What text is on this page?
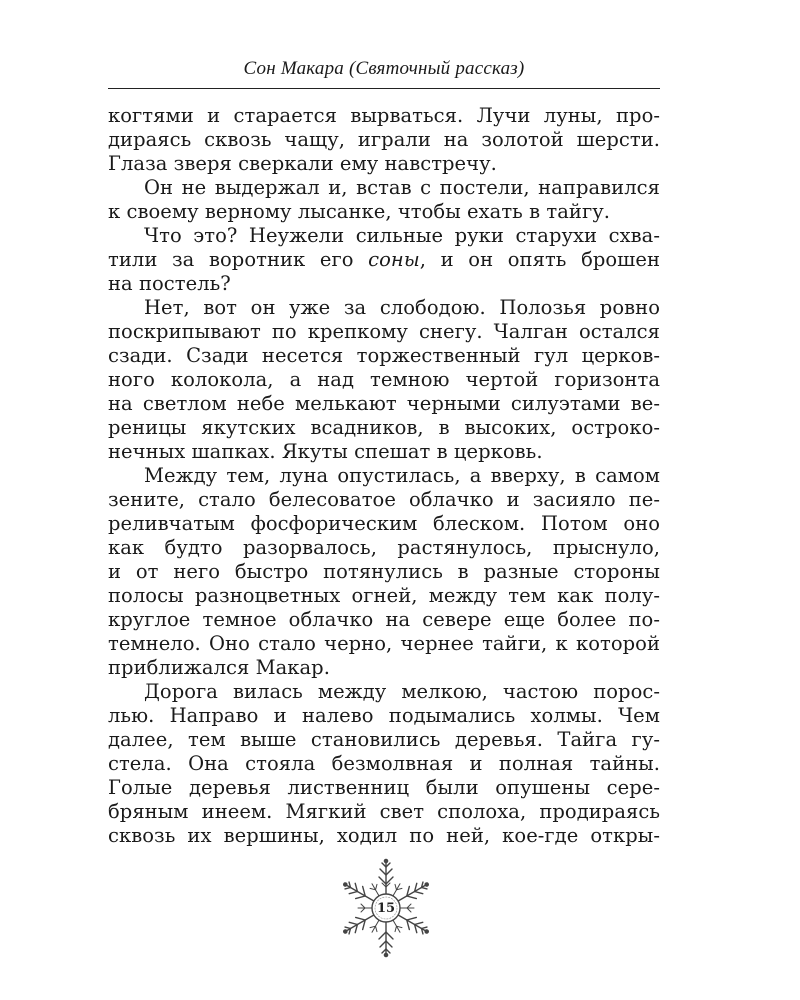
Сон Макара (Святочный рассказ)
когтями и старается вырваться. Лучи луны, про-
дираясь сквозь чащу, играли на золотой шерсти.
Глаза зверя сверкали ему навстречу.
Он не выдержал и, встав с постели, направился
к своему верному лысанке, чтобы ехать в тайгу.
Что это? Неужели сильные руки старухи схва-
тили за воротник его соны, и он опять брошен
на постель?
Нет, вот он уже за слободою. Полозья ровно
поскрипывают по крепкому снегу. Чалган остался
сзади. Сзади несется торжественный гул церков-
ного колокола, а над темною чертой горизонта
на светлом небе мелькают черными силуэтами ве-
реницы якутских всадников, в высоких, остроко-
нечных шапках. Якуты спешат в церковь.
Между тем, луна опустилась, а вверху, в самом
зените, стало белесоватое облачко и засияло пе-
реливчатым фосфорическим блеском. Потом оно
как будто разорвалось, растянулось, прыснуло,
и от него быстро потянулись в разные стороны
полосы разноцветных огней, между тем как полу-
круглое темное облачко на севере еще более по-
темнело. Оно стало черно, чернее тайги, к которой
приближался Макар.
Дорога вилась между мелкою, частою порос-
лью. Направо и налево подымались холмы. Чем
далее, тем выше становились деревья. Тайга гу-
стела. Она стояла безмолвная и полная тайны.
Голые деревья лиственниц были опушены сере-
бряным инеем. Мягкий свет сполоха, продираясь
сквозь их вершины, ходил по ней, кое-где откры-
15
